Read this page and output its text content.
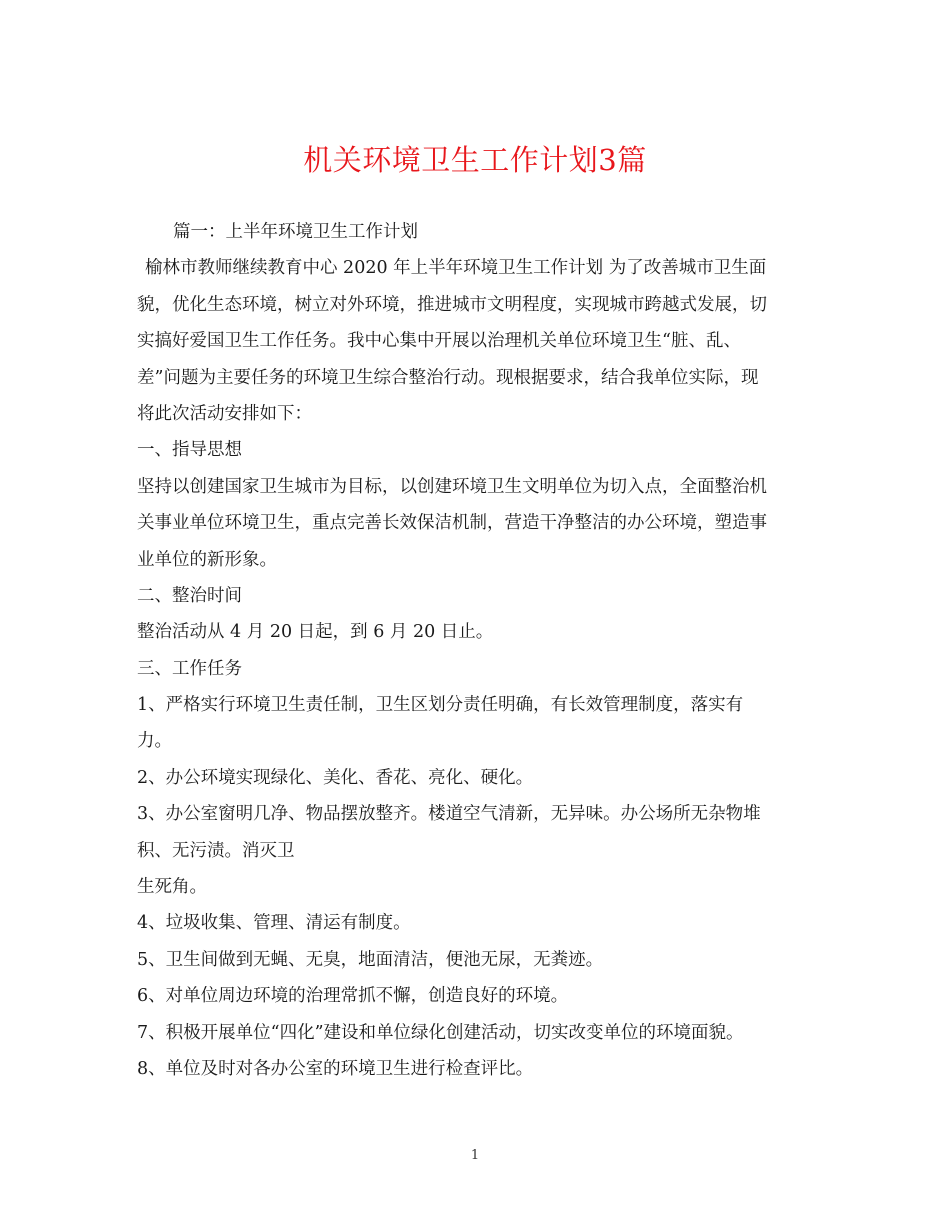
机关环境卫生工作计划3篇
篇一：上半年环境卫生工作计划
榆林市教师继续教育中心 2020 年上半年环境卫生工作计划 为了改善城市卫生面
貌，优化生态环境，树立对外环境，推进城市文明程度，实现城市跨越式发展，切
实搞好爱国卫生工作任务。我中心集中开展以治理机关单位环境卫生“脏、乱、
差”问题为主要任务的环境卫生综合整治行动。现根据要求，结合我单位实际，现
将此次活动安排如下：
一、指导思想
坚持以创建国家卫生城市为目标，以创建环境卫生文明单位为切入点，全面整治机
关事业单位环境卫生，重点完善长效保洁机制，营造干净整洁的办公环境，塑造事
业单位的新形象。
二、整治时间
整治活动从 4 月 20 日起，到 6 月 20 日止。
三、工作任务
1、严格实行环境卫生责任制，卫生区划分责任明确，有长效管理制度，落实有
力。
2、办公环境实现绿化、美化、香花、亮化、硬化。
3、办公室窗明几净、物品摆放整齐。楼道空气清新，无异味。办公场所无杂物堆
积、无污渍。消灭卫
生死角。
4、垃圾收集、管理、清运有制度。
5、卫生间做到无蝇、无臭，地面清洁，便池无尿，无粪迹。
6、对单位周边环境的治理常抓不懈，创造良好的环境。
7、积极开展单位“四化”建设和单位绿化创建活动，切实改变单位的环境面貌。
8、单位及时对各办公室的环境卫生进行检查评比。
1
